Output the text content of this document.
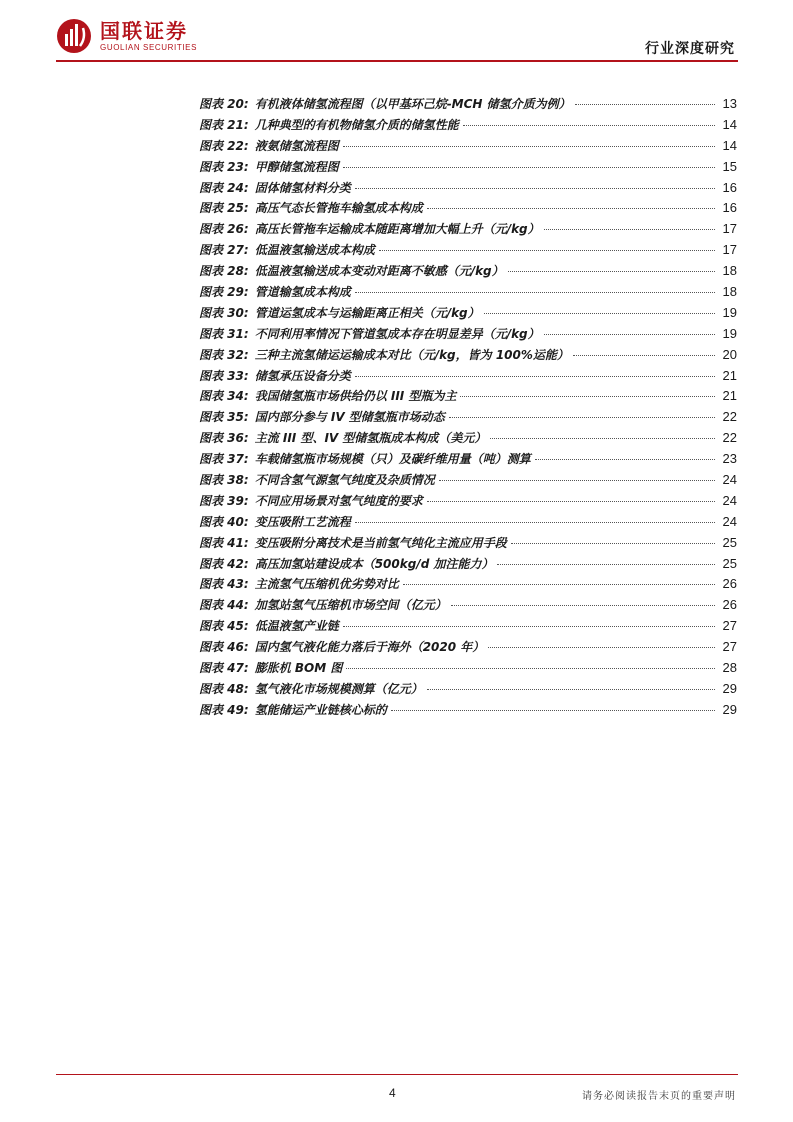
国联证券
GUOLIAN SECURITIES	行业深度研究
图表 20: 有机液体储氢流程图（以甲基环己烷-MCH 储氢介质为例）	13
图表 21: 几种典型的有机物储氢介质的储氢性能	14
图表 22: 液氨储氢流程图	14
图表 23: 甲醇储氢流程图	15
图表 24: 固体储氢材料分类	16
图表 25: 高压气态长管拖车输氢成本构成	16
图表 26: 高压长管拖车运输成本随距离增加大幅上升（元/kg）	17
图表 27: 低温液氢输送成本构成	17
图表 28: 低温液氢输送成本变动对距离不敏感（元/kg）	18
图表 29: 管道输氢成本构成	18
图表 30: 管道运氢成本与运输距离正相关（元/kg）	19
图表 31: 不同利用率情况下管道氢成本存在明显差异（元/kg）	19
图表 32: 三种主流氢储运运输成本对比（元/kg，皆为 100%运能）	20
图表 33: 储氢承压设备分类	21
图表 34: 我国储氢瓶市场供给仍以 III 型瓶为主	21
图表 35: 国内部分参与 IV 型储氢瓶市场动态	22
图表 36: 主流 III 型、IV 型储氢瓶成本构成（美元）	22
图表 37: 车载储氢瓶市场规模（只）及碳纤维用量（吨）测算	23
图表 38: 不同含氢气源氢气纯度及杂质情况	24
图表 39: 不同应用场景对氢气纯度的要求	24
图表 40: 变压吸附工艺流程	24
图表 41: 变压吸附分离技术是当前氢气纯化主流应用手段	25
图表 42: 高压加氢站建设成本（500kg/d 加注能力）	25
图表 43: 主流氢气压缩机优劣势对比	26
图表 44: 加氢站氢气压缩机市场空间（亿元）	26
图表 45: 低温液氢产业链	27
图表 46: 国内氢气液化能力落后于海外（2020 年）	27
图表 47: 膨胀机 BOM 图	28
图表 48: 氢气液化市场规模测算（亿元）	29
图表 49: 氢能储运产业链核心标的	29
4	请务必阅读报告末页的重要声明
